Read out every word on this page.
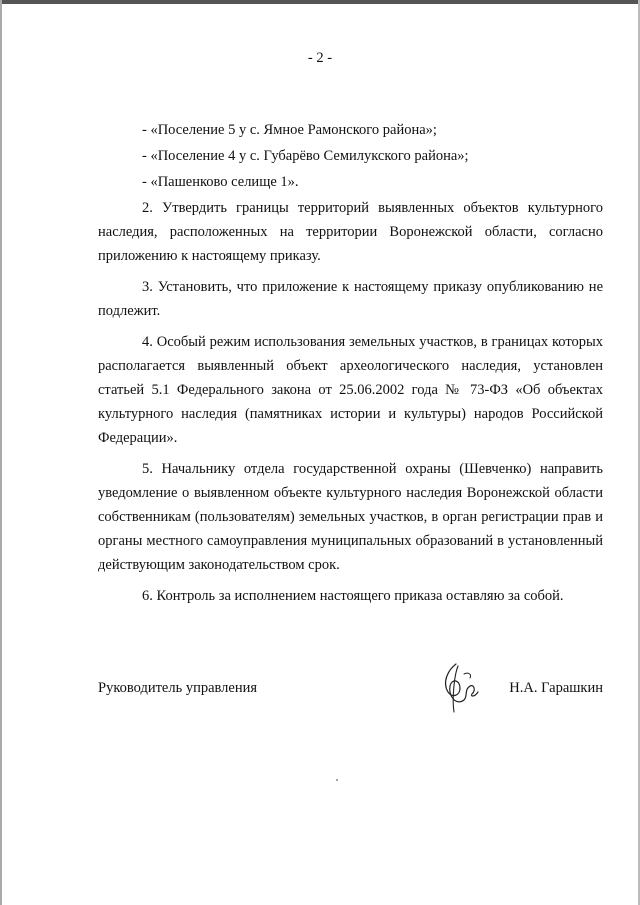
- 2 -

- «Поселение 5 у с. Ямное Рамонского района»;

- «Поселение 4 у с. Губарёво Семилукского района»;

- «Пашенково селище 1».

2. Утвердить границы территорий выявленных объектов культурного наследия, расположенных на территории Воронежской области, согласно приложению к настоящему приказу.

3. Установить, что приложение к настоящему приказу опубликованию не подлежит.

4. Особый режим использования земельных участков, в границах которых располагается выявленный объект археологического наследия, установлен статьей 5.1 Федерального закона от 25.06.2002 года № 73-ФЗ «Об объектах культурного наследия (памятниках истории и культуры) народов Российской Федерации».

5. Начальнику отдела государственной охраны (Шевченко) направить уведомление о выявленном объекте культурного наследия Воронежской области собственникам (пользователям) земельных участков, в орган регистрации прав и органы местного самоуправления муниципальных образований в установленный действующим законодательством срок.

6. Контроль за исполнением настоящего приказа оставляю за собой.

Руководитель управления	Н.А. Гарашкин
